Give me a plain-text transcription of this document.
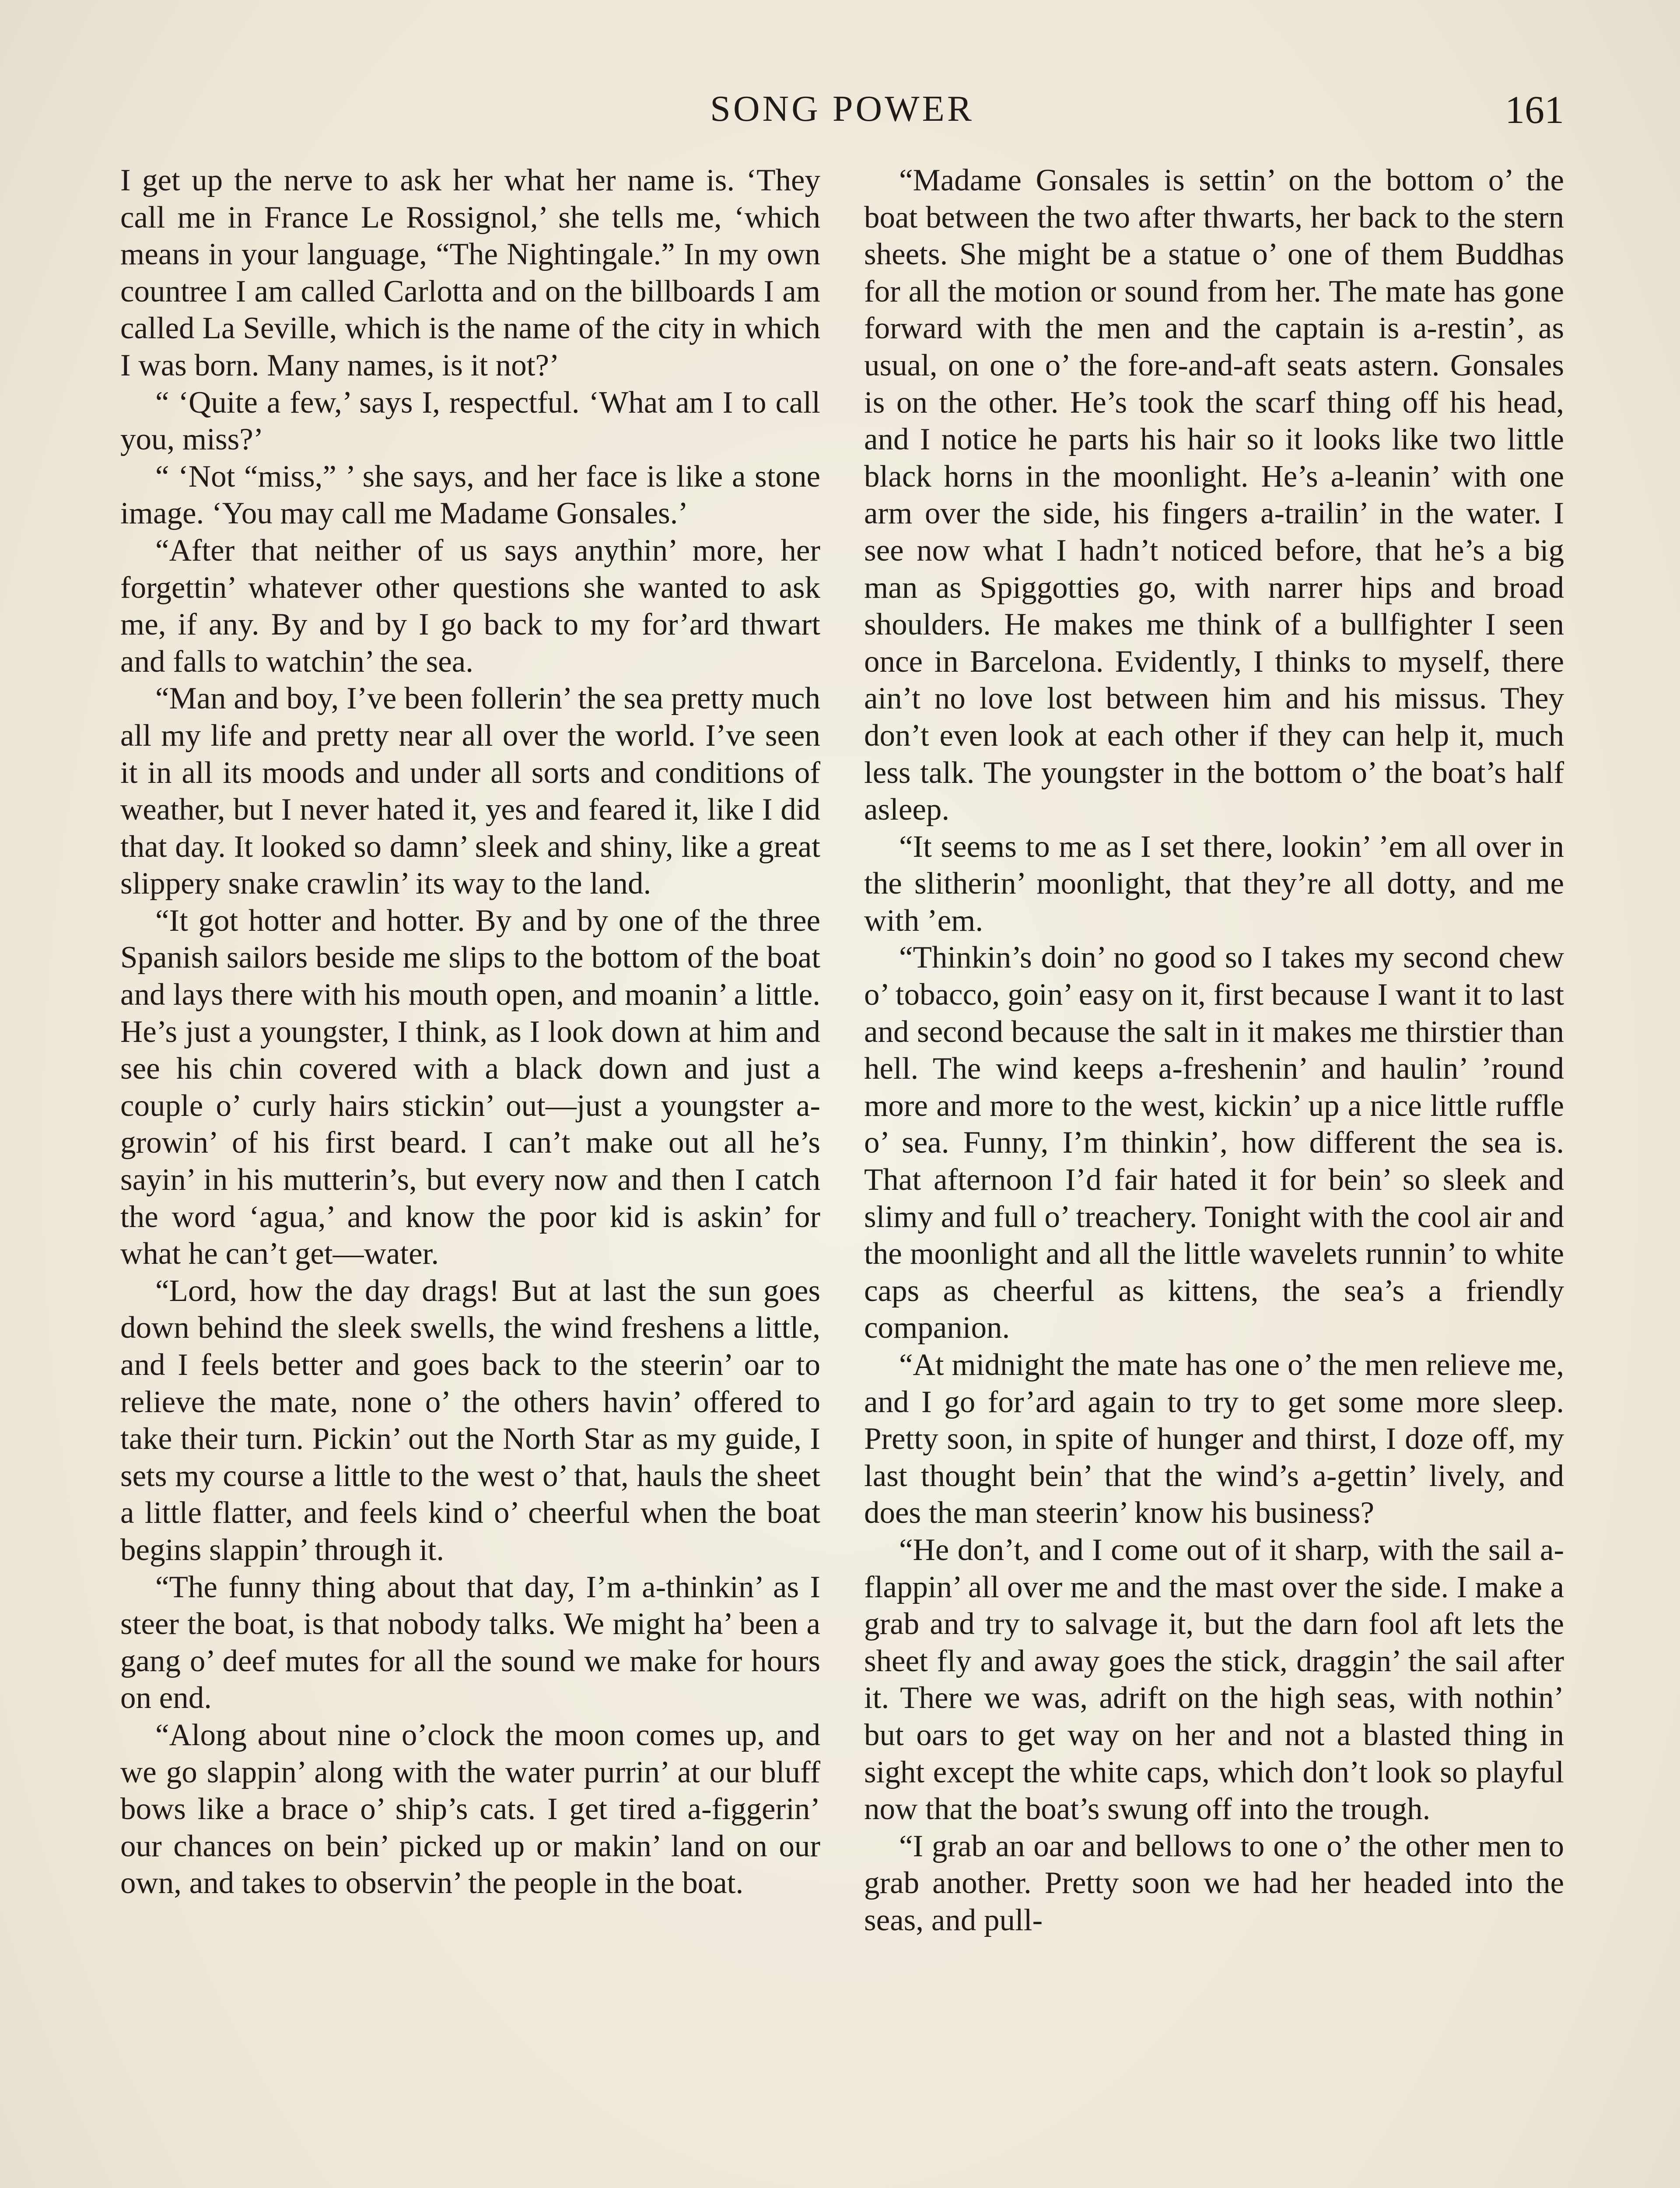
SONG POWER	161

I get up the nerve to ask her what her name is. ‘They call me in France Le Rossignol,’ she tells me, ‘which means in your language, “The Nightingale.” In my own countree I am called Carlotta and on the billboards I am called La Seville, which is the name of the city in which I was born. Many names, is it not?’

“ ‘Quite a few,’ says I, respectful. ‘What am I to call you, miss?’

“ ‘Not “miss,” ’ she says, and her face is like a stone image. ‘You may call me Madame Gonsales.’

“After that neither of us says anythin’ more, her forgettin’ whatever other questions she wanted to ask me, if any. By and by I go back to my for’ard thwart and falls to watchin’ the sea.

“Man and boy, I’ve been follerin’ the sea pretty much all my life and pretty near all over the world. I’ve seen it in all its moods and under all sorts and conditions of weather, but I never hated it, yes and feared it, like I did that day. It looked so damn’ sleek and shiny, like a great slippery snake crawlin’ its way to the land.

“It got hotter and hotter. By and by one of the three Spanish sailors beside me slips to the bottom of the boat and lays there with his mouth open, and moanin’ a little. He’s just a youngster, I think, as I look down at him and see his chin covered with a black down and just a couple o’ curly hairs stickin’ out—just a youngster a-growin’ of his first beard. I can’t make out all he’s sayin’ in his mutterin’s, but every now and then I catch the word ‘agua,’ and know the poor kid is askin’ for what he can’t get—water.

“Lord, how the day drags! But at last the sun goes down behind the sleek swells, the wind freshens a little, and I feels better and goes back to the steerin’ oar to relieve the mate, none o’ the others havin’ offered to take their turn. Pickin’ out the North Star as my guide, I sets my course a little to the west o’ that, hauls the sheet a little flatter, and feels kind o’ cheerful when the boat begins slappin’ through it.

“The funny thing about that day, I’m a-thinkin’ as I steer the boat, is that nobody talks. We might ha’ been a gang o’ deef mutes for all the sound we make for hours on end.

“Along about nine o’clock the moon comes up, and we go slappin’ along with the water purrin’ at our bluff bows like a brace o’ ship’s cats. I get tired a-figgerin’ our chances on bein’ picked up or makin’ land on our own, and takes to observin’ the people in the boat.

“Madame Gonsales is settin’ on the bottom o’ the boat between the two after thwarts, her back to the stern sheets. She might be a statue o’ one of them Buddhas for all the motion or sound from her. The mate has gone forward with the men and the captain is a-restin’, as usual, on one o’ the fore-and-aft seats astern. Gonsales is on the other. He’s took the scarf thing off his head, and I notice he parts his hair so it looks like two little black horns in the moonlight. He’s a-leanin’ with one arm over the side, his fingers a-trailin’ in the water. I see now what I hadn’t noticed before, that he’s a big man as Spiggotties go, with narrer hips and broad shoulders. He makes me think of a bullfighter I seen once in Barcelona. Evidently, I thinks to myself, there ain’t no love lost between him and his missus. They don’t even look at each other if they can help it, much less talk. The youngster in the bottom o’ the boat’s half asleep.

“It seems to me as I set there, lookin’ ’em all over in the slitherin’ moonlight, that they’re all dotty, and me with ’em.

“Thinkin’s doin’ no good so I takes my second chew o’ tobacco, goin’ easy on it, first because I want it to last and second because the salt in it makes me thirstier than hell. The wind keeps a-freshenin’ and haulin’ ’round more and more to the west, kickin’ up a nice little ruffle o’ sea. Funny, I’m thinkin’, how different the sea is. That afternoon I’d fair hated it for bein’ so sleek and slimy and full o’ treachery. Tonight with the cool air and the moonlight and all the little wavelets runnin’ to white caps as cheerful as kittens, the sea’s a friendly companion.

“At midnight the mate has one o’ the men relieve me, and I go for’ard again to try to get some more sleep. Pretty soon, in spite of hunger and thirst, I doze off, my last thought bein’ that the wind’s a-gettin’ lively, and does the man steerin’ know his business?

“He don’t, and I come out of it sharp, with the sail a-flappin’ all over me and the mast over the side. I make a grab and try to salvage it, but the darn fool aft lets the sheet fly and away goes the stick, draggin’ the sail after it. There we was, adrift on the high seas, with nothin’ but oars to get way on her and not a blasted thing in sight except the white caps, which don’t look so playful now that the boat’s swung off into the trough.

“I grab an oar and bellows to one o’ the other men to grab another. Pretty soon we had her headed into the seas, and pull-
